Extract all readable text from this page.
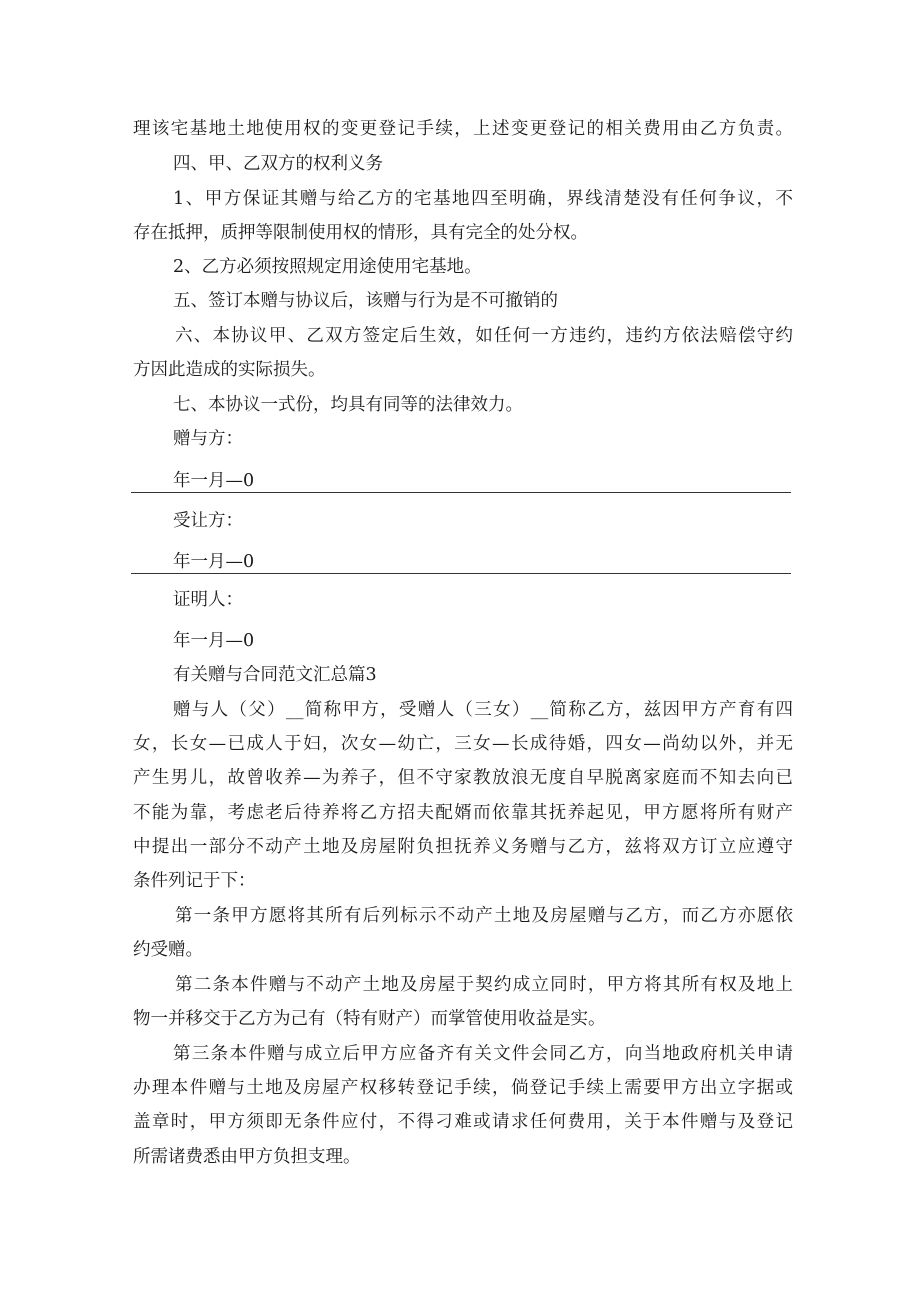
理该宅基地土地使用权的变更登记手续，上述变更登记的相关费用由乙方负责。
四、甲、乙双方的权利义务
1、甲方保证其赠与给乙方的宅基地四至明确，界线清楚没有任何争议，不
存在抵押，质押等限制使用权的情形，具有完全的处分权。
2、乙方必须按照规定用途使用宅基地。
五、签订本赠与协议后，该赠与行为是不可撤销的
六、本协议甲、乙双方签定后生效，如任何一方违约，违约方依法赔偿守约
方因此造成的实际损失。
七、本协议一式份，均具有同等的法律效力。
赠与方：
年一月—0
受让方：
年一月—0
证明人：
年一月—0
有关赠与合同范文汇总篇3
赠与人（父）__简称甲方，受赠人（三女）__简称乙方，兹因甲方产育有四
女，长女—已成人于妇，次女—幼亡，三女—长成待婚，四女—尚幼以外，并无
产生男儿，故曾收养—为养子，但不守家教放浪无度自早脱离家庭而不知去向已
不能为靠，考虑老后待养将乙方招夫配婿而依靠其抚养起见，甲方愿将所有财产
中提出一部分不动产土地及房屋附负担抚养义务赠与乙方，兹将双方订立应遵守
条件列记于下：
第一条甲方愿将其所有后列标示不动产土地及房屋赠与乙方，而乙方亦愿依
约受赠。
第二条本件赠与不动产土地及房屋于契约成立同时，甲方将其所有权及地上
物一并移交于乙方为己有（特有财产）而掌管使用收益是实。
第三条本件赠与成立后甲方应备齐有关文件会同乙方，向当地政府机关申请
办理本件赠与土地及房屋产权移转登记手续，倘登记手续上需要甲方出立字据或
盖章时，甲方须即无条件应付，不得刁难或请求任何费用，关于本件赠与及登记
所需诸费悉由甲方负担支理。
